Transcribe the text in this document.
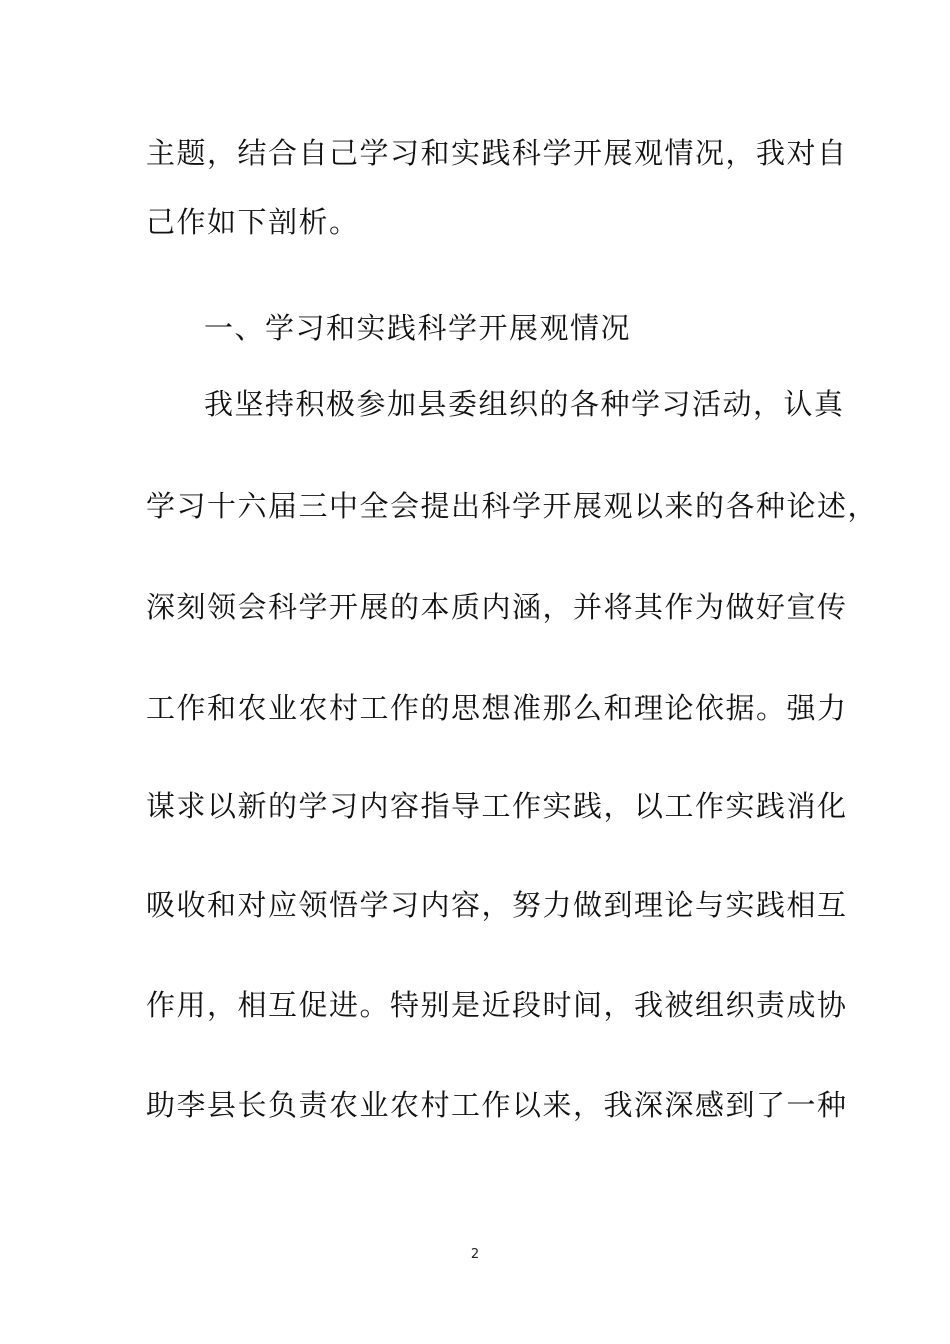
主题，结合自己学习和实践科学开展观情况，我对自
己作如下剖析。
一、学习和实践科学开展观情况
我坚持积极参加县委组织的各种学习活动，认真
学习十六届三中全会提出科学开展观以来的各种论述，
深刻领会科学开展的本质内涵，并将其作为做好宣传
工作和农业农村工作的思想准那么和理论依据。强力
谋求以新的学习内容指导工作实践，以工作实践消化
吸收和对应领悟学习内容，努力做到理论与实践相互
作用，相互促进。特别是近段时间，我被组织责成协
助李县长负责农业农村工作以来，我深深感到了一种
2
